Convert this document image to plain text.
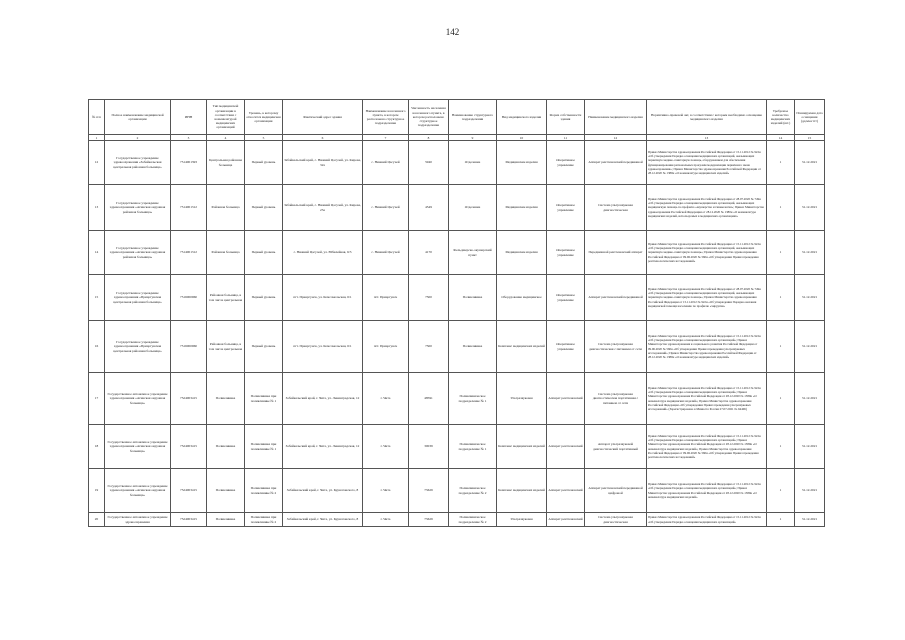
142
№ п/п	Полное наименование медицинской организации	ИНН	Тип медицинской организации в соответствии с номенклатурой медицинских организаций	Уровень, к которому относится медицинская организация	Фактический адрес здания	Наименование населенного пункта, в котором расположено структурное подразделение	Численность населения населенного пункта, в котором расположено структурное подразделение	Наименование структурного подразделения	Вид медицинского изделия	Форма собственности здания	Наименование медицинского изделия	Нормативно-правовой акт, в соответствии с которым необходимо оснащение медицинского изделия	Требуемое количество медицинских изделий (шт.)	Планируемая дата оснащения (дд.мм.гггг)
1	2	3	4	5	6	7	8	9	10	11	12	13	14	15
12	Государственное учреждение здравоохранения «Забайкальская центральная районная больница»	7514001393	Центральная районная больница	Первый уровень	Забайкальский край, с. Нижний Цасучей, ул. Кирова, 32а	с. Нижний Цасучей	5940	Отделение	Медицинские изделия	Оперативное управление	Аппарат рентгеновский передвижной	Приказ Министерства здравоохранения Российской Федерации от 15.11.2012 № 922н «Об утверждении Порядка оснащения медицинских организаций, оказывающих первичную медико-санитарную помощь, оборудованием для обеспечения функционирования региональных программ модернизации первичного звена здравоохранения»; Приказ Министерства здравоохранения Российской Федерации от 28.12.2020 № 1380н «О номенклатуре медицинских изделий»	1	31.12.2021
13	Государственное учреждение здравоохранения «Агинская окружная районная больница»	7514001312	Районная больница	Первый уровень	Забайкальский край, с. Нижний Цасучей, ул. Кирова, 23а	с. Нижний Цасучей	4549	Отделение	Медицинские изделия	Оперативное управление	Система ультразвуковая диагностическая	Приказ Министерства здравоохранения Российской Федерации от 28.07.2020 № 749н «Об утверждении Порядка оснащения медицинских организаций, оказывающих медицинскую помощь по профилю «акушерство и гинекология»; Приказ Министерства здравоохранения Российской Федерации от 28.12.2020 № 1380н «О номенклатуре медицинских изделий, используемых в медицинских организациях»	1	31.12.2021
14	Государственное учреждение здравоохранения «Агинская окружная районная больница»	7514001312	Районная больница	Первый уровень	с. Нижний Цасучей, ул. Юбилейная, 6/3	с. Нижний Цасучей	4170	Фельдшерско-акушерский пункт	Медицинские изделия	Оперативное управление	Передвижной рентгеновский аппарат	Приказ Министерства здравоохранения Российской Федерации от 15.11.2012 № 922н «Об утверждении Порядка оснащения медицинских организаций, оказывающих первичную медико-санитарную помощь»; Приказ Министерства здравоохранения Российской Федерации от 09.06.2020 № 560н «Об утверждении Правил проведения рентгенологических исследований»	1	31.12.2021
15	Государственное учреждение здравоохранения «Приаргунская центральная районная больница»	7516000960	Районная больница, в том числе центральная	Первый уровень	пгт. Приаргунск, ул. Комсомольская, 6/1	пгт. Приаргунск	7500	Поликлиника	Оборудование медицинское	Оперативное управление	Аппарат рентгеновский передвижной	Приказ Министерства здравоохранения Российской Федерации от 28.07.2020 № 749н «Об утверждении Порядка оснащения медицинских организаций, оказывающих первичную медико-санитарную помощь»; Приказ Министерства здравоохранения Российской Федерации от 15.11.2012 № 922н «Об утверждении Порядка оказания медицинской помощи населению по профилю «хирургия»	1	31.12.2021
16	Государственное учреждение здравоохранения «Приаргунская центральная районная больница»	7516000960	Районная больница, в том числе центральная	Первый уровень	пгт. Приаргунск, ул. Комсомольская, 6/1	пгт. Приаргунск	7500	Поликлиника	Комплекс медицинских изделий	Оперативное управление	Система ультразвуковая диагностическая с питанием от сети	Приказ Министерства здравоохранения Российской Федерации от 15.11.2012 № 922н «Об утверждении Порядка оснащения медицинских организаций»; Приказ Министерства здравоохранения и социального развития Российской Федерации от 09.06.2020 № 560н «Об утверждении Правил проведения ультразвуковых исследований»; Приказ Министерства здравоохранения Российской Федерации от 28.12.2020 № 1380н «О номенклатуре медицинских изделий»	1	31.12.2021
17	Государственное автономное учреждение здравоохранения «Агинская окружная больница»	7524003415	Поликлиника	Поликлиника при поликлинике № 1	Забайкальский край, г. Чита, ул. Ленинградская, 12	г. Чита	48591	Поликлиническое подразделение № 1	Ультразвуковая	Аппарат рентгеновский	Система ультразвуковая диагностическая портативная с питанием от сети	Приказ Министерства здравоохранения Российской Федерации от 15.11.2012 № 922н «Об утверждении Порядка оснащения медицинских организаций»; Приказ Министерства здравоохранения Российской Федерации от 28.12.2020 № 1380н «О номенклатуре медицинских изделий»; Приказ Министерства здравоохранения Российской Федерации «Об утверждении Правил проведения ультразвуковых исследований» (Зарегистрировано в Минюсте России 27.07.2021 № 64406)	1	31.12.2021
18	Государственное автономное учреждение здравоохранения «Агинская окружная больница»	7524003415	Поликлиника	Поликлиника при поликлинике № 1	Забайкальский край, г. Чита, ул. Ленинградская, 12	г. Чита	30039	Поликлиническое подразделение № 1	Комплекс медицинских изделий	Аппарат рентгеновский	Аппарат ультразвуковой диагностический портативный	Приказ Министерства здравоохранения Российской Федерации от 15.11.2012 № 922н «Об утверждении Порядка оснащения медицинских организаций»; Приказ Министерства здравоохранения Российской Федерации от 28.12.2020 № 1380н «О номенклатуре медицинских изделий»; Приказ Министерства здравоохранения Российской Федерации от 09.06.2020 № 560н «Об утверждении Правил проведения рентгенологических исследований»	1	31.12.2021
19	Государственное автономное учреждение здравоохранения «Агинская окружная больница»	7524003415	Поликлиника	Поликлиника при поликлинике № 2	Забайкальский край, г. Чита, ул. Курнатовского, 8	г. Чита	75629	Поликлиническое подразделение № 2	Комплекс медицинских изделий	Аппарат рентгеновский	Аппарат рентгеновский передвижной цифровой	Приказ Министерства здравоохранения Российской Федерации от 15.11.2012 № 922н «Об утверждении Порядка оснащения медицинских организаций»; Приказ Министерства здравоохранения Российской Федерации от 28.12.2020 № 1380н «О номенклатуре медицинских изделий»	1	31.12.2021
20	Государственное автономное учреждение здравоохранения	7524003415	Поликлиника	Поликлиника при поликлинике № 2	Забайкальский край, г. Чита, ул. Курнатовского, 8	г. Чита	75629	Поликлиническое подразделение № 2	Ультразвуковая	Аппарат рентгеновский	Система ультразвуковая диагностическая	Приказ Министерства здравоохранения Российской Федерации от 15.11.2012 № 922н «Об утверждении Порядка оснащения медицинских организаций»	1	31.12.2021
